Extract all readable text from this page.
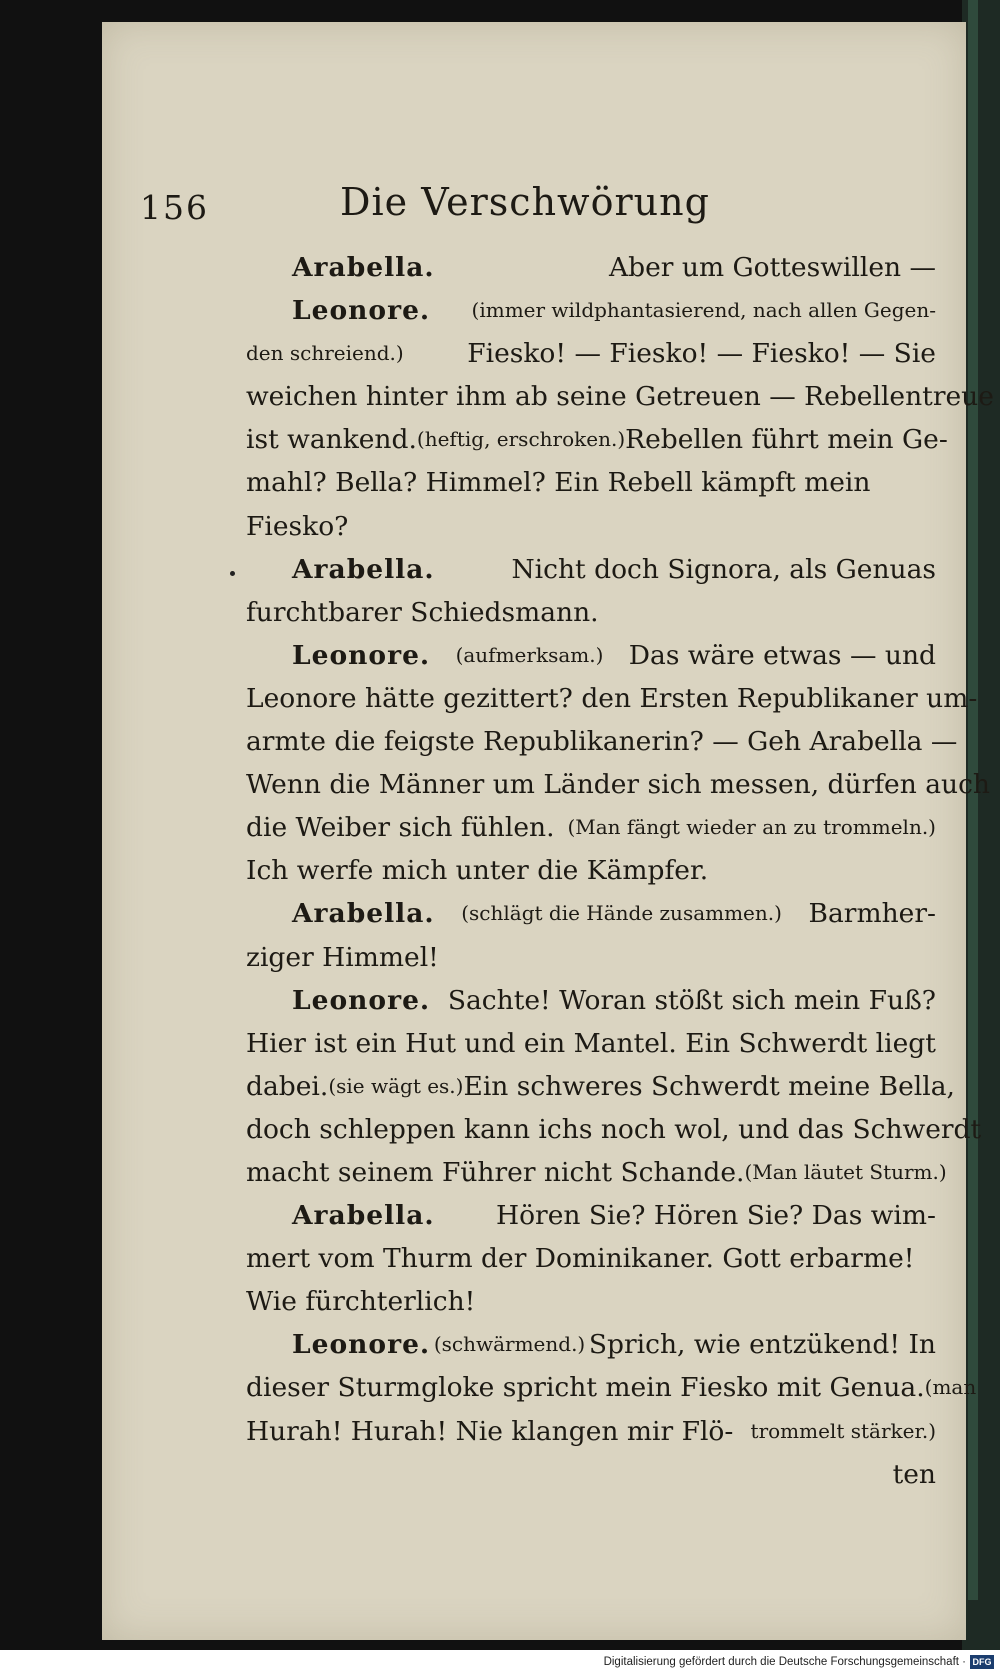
156	Die Verschwörung
Arabella.	Aber um Gotteswillen —
Leonore. (immer wildphantasierend, nach allen Gegen-
den schreiend.) Fiesko! — Fiesko! — Fiesko! — Sie
weichen hinter ihm ab seine Getreuen — Rebellentreue
ist wankend. (heftig, erschroken.) Rebellen führt mein Ge-
mahl? Bella? Himmel? Ein Rebell kämpft mein
Fiesko?
Arabella.	Nicht doch Signora, als Genuas
furchtbarer Schiedsmann.
Leonore. (aufmerksam.) Das wäre etwas — und
Leonore hätte gezittert? den Ersten Republikaner um-
armte die feigste Republikanerin? — Geh Arabella —
Wenn die Männer um Länder sich messen, dürfen auch
die Weiber sich fühlen. (Man fängt wieder an zu trommeln.)
Ich werfe mich unter die Kämpfer.
Arabella. (schlägt die Hände zusammen.) Barmher-
ziger Himmel!
Leonore. Sachte! Woran stößt sich mein Fuß?
Hier ist ein Hut und ein Mantel. Ein Schwerdt liegt
dabei. (sie wägt es.) Ein schweres Schwerdt meine Bella,
doch schleppen kann ichs noch wol, und das Schwerdt
macht seinem Führer nicht Schande. (Man läutet Sturm.)
Arabella. Hören Sie? Hören Sie? Das wim-
mert vom Thurm der Dominikaner. Gott erbarme!
Wie fürchterlich!
Leonore. (schwärmend.) Sprich, wie entzükend! In
dieser Sturmgloke spricht mein Fiesko mit Genua. (man
Hurah! Hurah! Nie klangen mir Flö- trommelt stärker.)
ten
Digitalisierung gefördert durch die Deutsche Forschungsgemeinschaft · DFG
